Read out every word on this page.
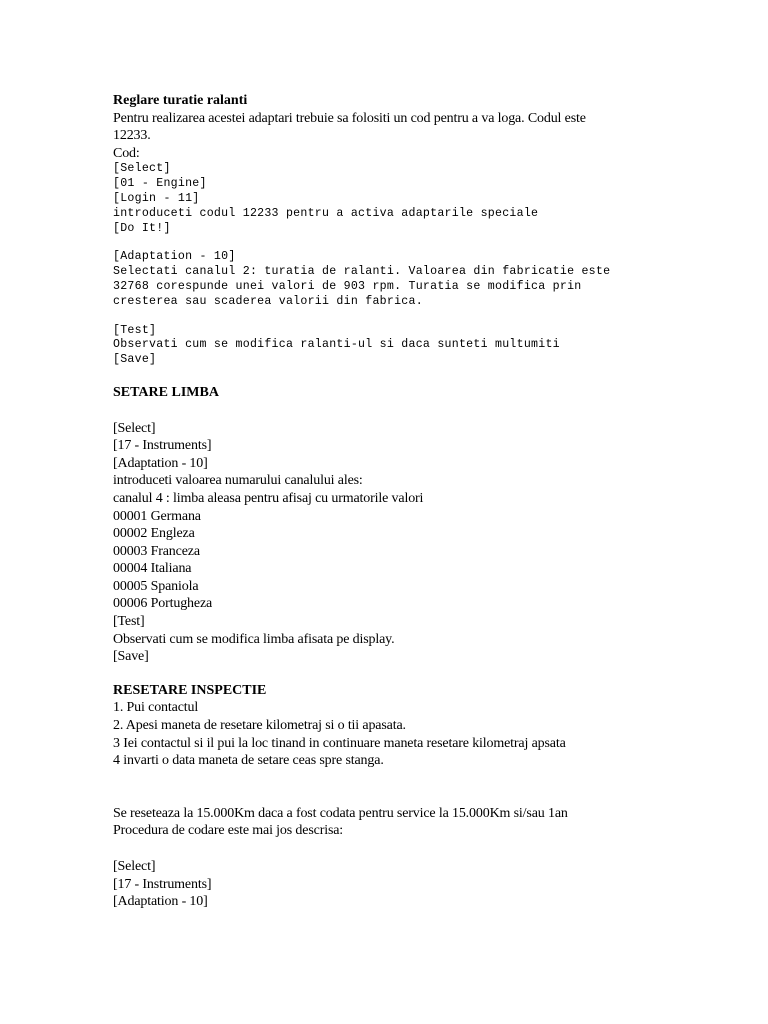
Reglare turatie ralanti
Pentru realizarea acestei adaptari trebuie sa folositi un cod pentru a va loga. Codul este
12233.
Cod:
[Select]
[01 - Engine]
[Login - 11]
introduceti codul 12233 pentru a activa adaptarile speciale
[Do It!]
[Adaptation - 10]
Selectati canalul 2: turatia de ralanti. Valoarea din fabricatie este
32768 corespunde unei valori de 903 rpm. Turatia se modifica prin
cresterea sau scaderea valorii din fabrica.
[Test]
Observati cum se modifica ralanti-ul si daca sunteti multumiti
[Save]
SETARE LIMBA
[Select]
[17 - Instruments]
[Adaptation - 10]
introduceti valoarea numarului canalului ales:
canalul 4 : limba aleasa pentru afisaj cu urmatorile valori
00001 Germana
00002 Engleza
00003 Franceza
00004 Italiana
00005 Spaniola
00006 Portugheza
[Test]
Observati cum se modifica limba afisata pe display.
[Save]
RESETARE INSPECTIE
1. Pui contactul
2. Apesi maneta de resetare kilometraj si o tii apasata.
3 Iei contactul si il pui la loc tinand in continuare maneta resetare kilometraj apsata
4 invarti o data maneta de setare ceas spre stanga.
Se reseteaza la 15.000Km daca a fost codata pentru service la 15.000Km si/sau 1an
Procedura de codare este mai jos descrisa:
[Select]
[17 - Instruments]
[Adaptation - 10]
